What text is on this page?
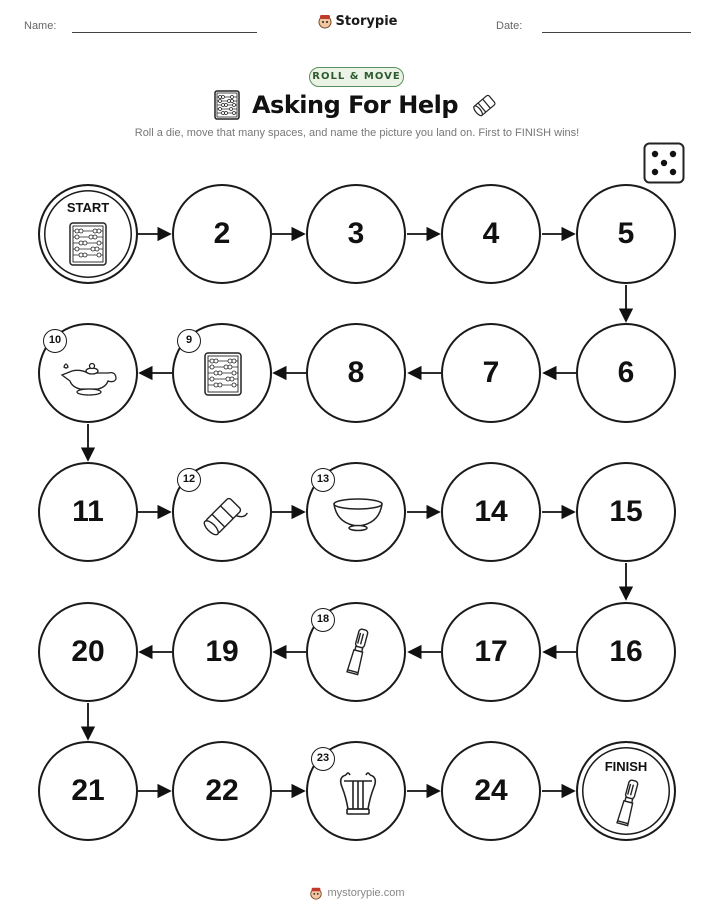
Name:	Date:
Storypie
ROLL & MOVE
Asking For Help
Roll a die, move that many spaces, and name the picture you land on. First to FINISH wins!
START
2	3	4	5
6
7
8
9
10
11
12	13
14	15
16
17
18
19
20
21	22
23
24
FINISH
mystorypie.com
